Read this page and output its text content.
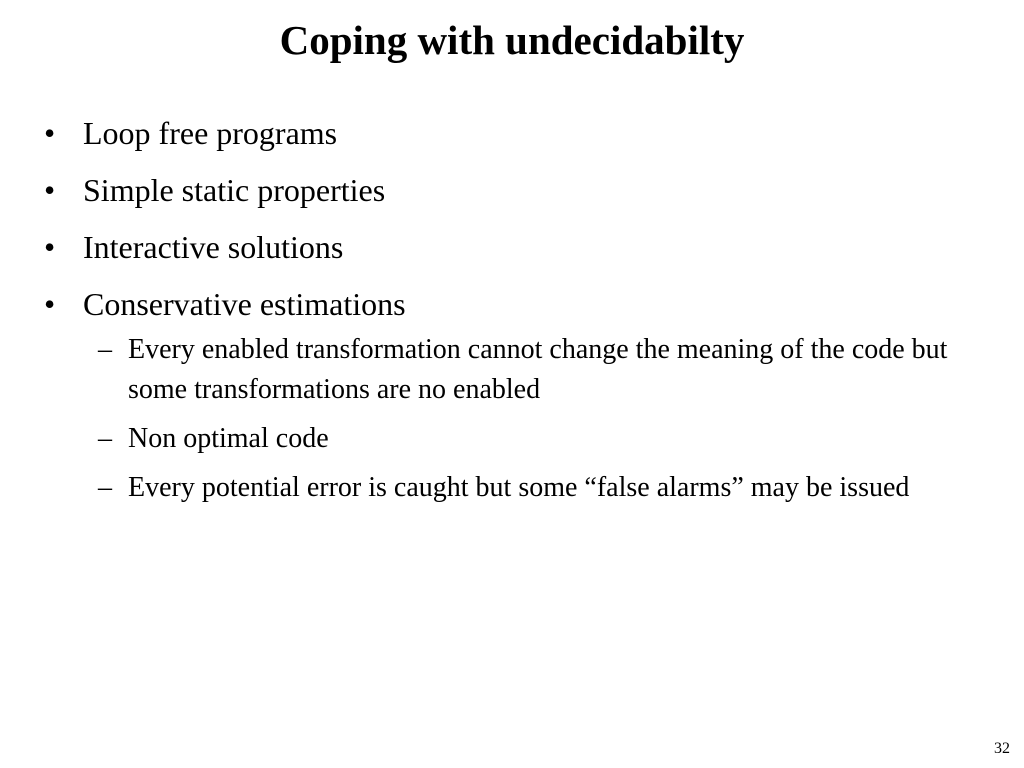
Coping with undecidabilty
• Loop free programs
• Simple static properties
• Interactive solutions
• Conservative estimations
– Every enabled transformation cannot change the meaning of the code but some transformations are no enabled
– Non optimal code
– Every potential error is caught but some “false alarms” may be issued
32
